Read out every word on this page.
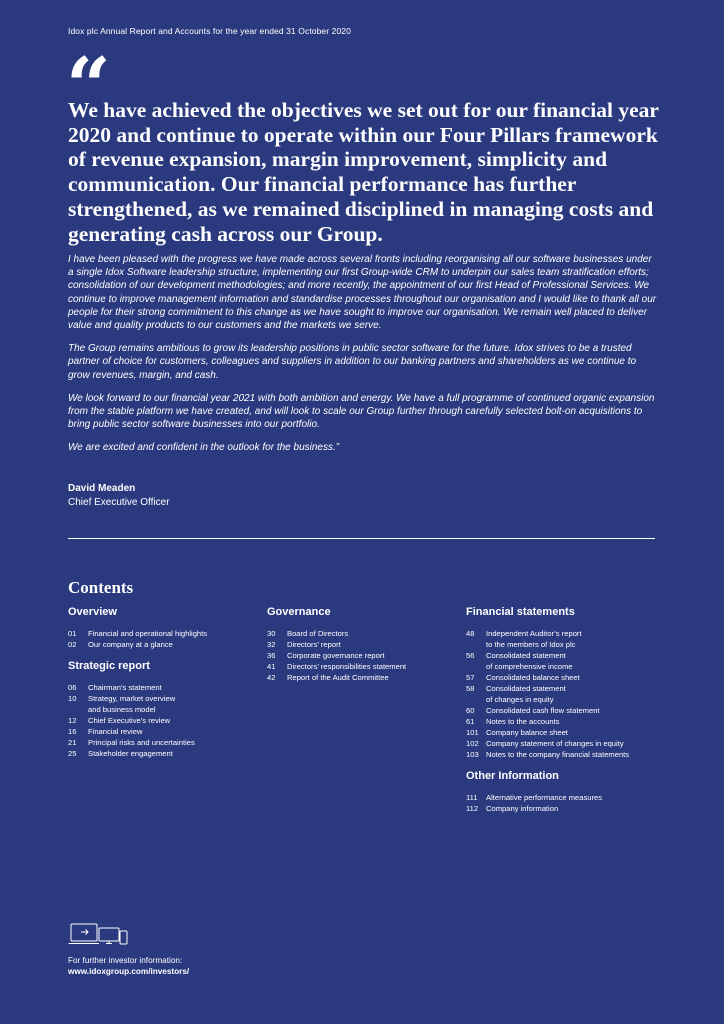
Idox plc Annual Report and Accounts for the year ended 31 October 2020
“
We have achieved the objectives we set out for our financial year 2020 and continue to operate within our Four Pillars framework of revenue expansion, margin improvement, simplicity and communication. Our financial performance has further strengthened, as we remained disciplined in managing costs and generating cash across our Group.

I have been pleased with the progress we have made across several fronts including reorganising all our software businesses under a single Idox Software leadership structure, implementing our first Group-wide CRM to underpin our sales team stratification efforts; consolidation of our development methodologies; and more recently, the appointment of our first Head of Professional Services. We continue to improve management information and standardise processes throughout our organisation and I would like to thank all our people for their strong commitment to this change as we have sought to improve our organisation. We remain well placed to deliver value and quality products to our customers and the markets we serve.

The Group remains ambitious to grow its leadership positions in public sector software for the future. Idox strives to be a trusted partner of choice for customers, colleagues and suppliers in addition to our banking partners and shareholders as we continue to grow revenues, margin, and cash.

We look forward to our financial year 2021 with both ambition and energy. We have a full programme of continued organic expansion from the stable platform we have created, and will look to scale our Group further through carefully selected bolt-on acquisitions to bring public sector software businesses into our portfolio.

We are excited and confident in the outlook for the business.”

David Meaden
Chief Executive Officer
Contents
Overview
01	Financial and operational highlights
02	Our company at a glance
Strategic report
06	Chairman’s statement
10	Strategy, market overview
and business model
12	Chief Executive’s review
16	Financial review
21	Principal risks and uncertainties
25	Stakeholder engagement
Governance
30	Board of Directors
32	Directors’ report
36	Corporate governance report
41	Directors’ responsibilities statement
42	Report of the Audit Committee
Financial statements
48	Independent Auditor’s report
to the members of Idox plc
56	Consolidated statement
of comprehensive income
57	Consolidated balance sheet
58	Consolidated statement
of changes in equity
60	Consolidated cash flow statement
61	Notes to the accounts
101 Company balance sheet
102 Company statement of changes in equity
103 Notes to the company financial statements
Other Information
111	Alternative performance measures
112	Company information
For further investor information:
www.idoxgroup.com/investors/
